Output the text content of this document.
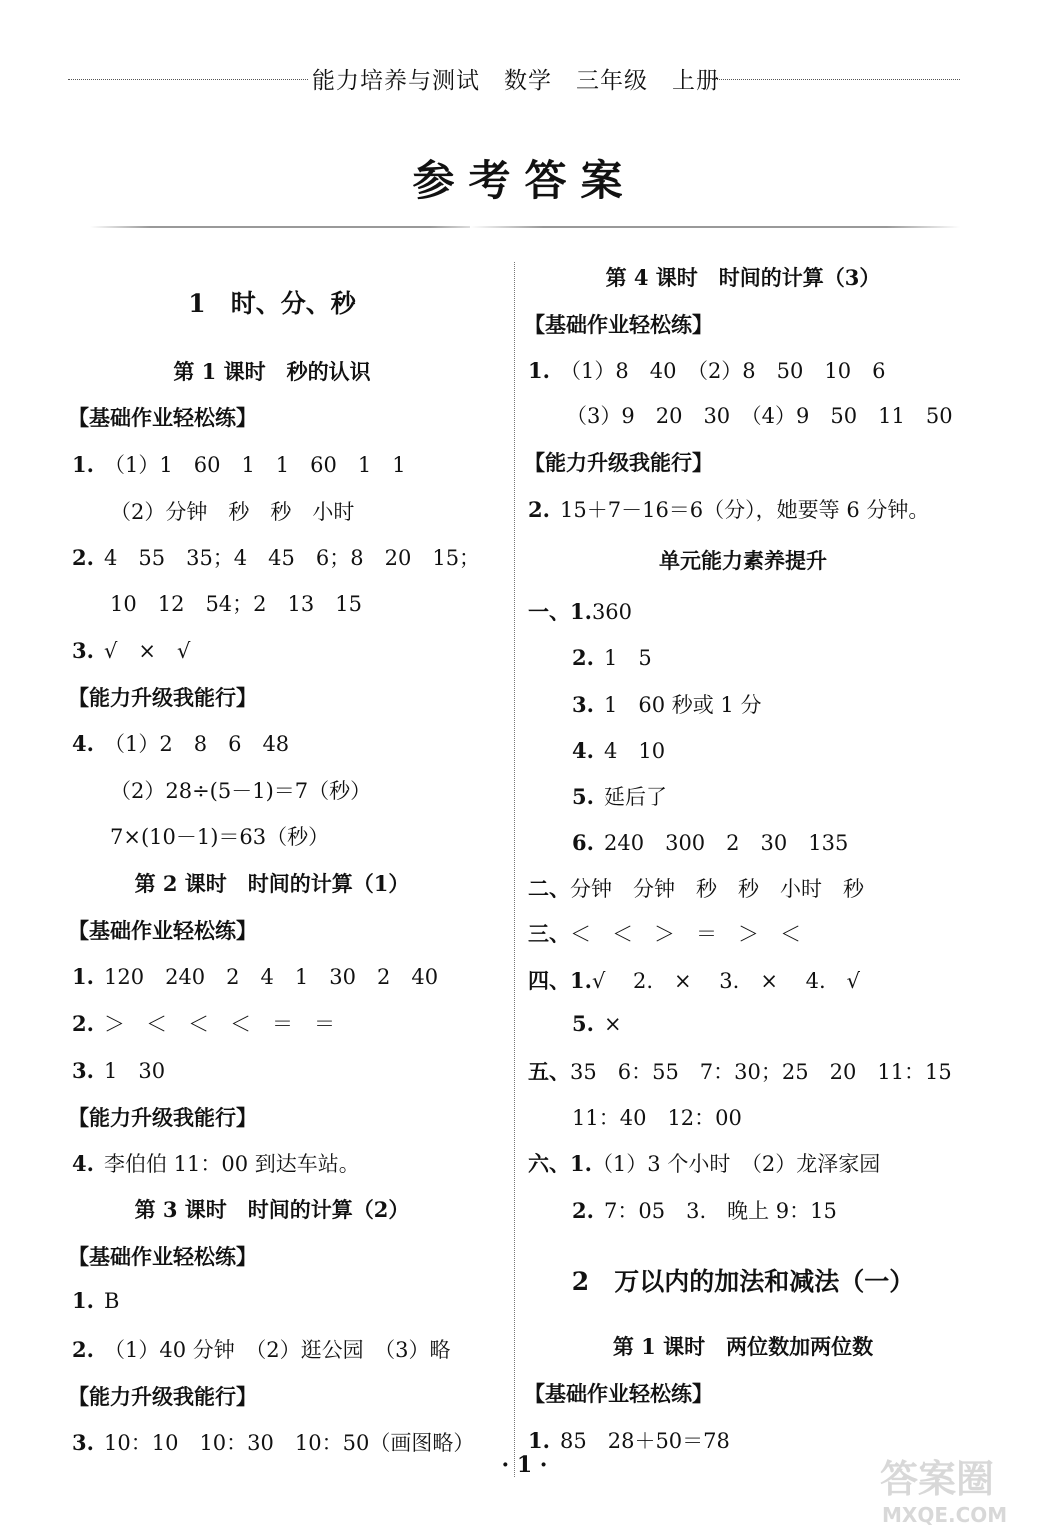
能力培养与测试　数学　三年级　上册
参考答案
1　时、分、秒
第 1 课时　秒的认识
【基础作业轻松练】
1. （1）1　60　1　1　60　1　1
（2）分钟　秒　秒　小时
2. 4　55　35；4　45　6；8　20　15；
10　12　54；2　13　15
3. √　×　√
【能力升级我能行】
4. （1）2　8　6　48
（2）28÷(5－1)＝7（秒）
7×(10－1)＝63（秒）
第 2 课时　时间的计算（1）
【基础作业轻松练】
1. 120　240　2　4　1　30　2　40
2. ＞　＜　＜　＜　＝　＝
3. 1　30
【能力升级我能行】
4. 李伯伯 11：00 到达车站。
第 3 课时　时间的计算（2）
【基础作业轻松练】
1. B
2. （1）40 分钟　（2）逛公园　（3）略
【能力升级我能行】
3. 10：10　10：30　10：50（画图略）
第 4 课时　时间的计算（3）
【基础作业轻松练】
1. （1）8　40　（2）8　50　10　6
（3）9　20　30　（4）9　50　11　50
【能力升级我能行】
2. 15＋7－16＝6（分），她要等 6 分钟。
单元能力素养提升
一、1.360
2. 1　5
3. 1　60 秒或 1 分
4. 4　10
5. 延后了
6. 240　300　2　30　135
二、分钟　分钟　秒　秒　小时　秒
三、＜　＜　＞　＝　＞　＜
四、1.√　 2.　×　 3.　×　 4.　√
5. ×
五、35　6：55　7：30；25　20　11：15
11：40　12：00
六、1.（1）3 个小时　（2）龙泽家园
2. 7：05　3.　晚上 9：15
2　万以内的加法和减法（一）
第 1 课时　两位数加两位数
【基础作业轻松练】
1. 85　28＋50＝78
· 1 ·	答案圈
MXQE.COM
